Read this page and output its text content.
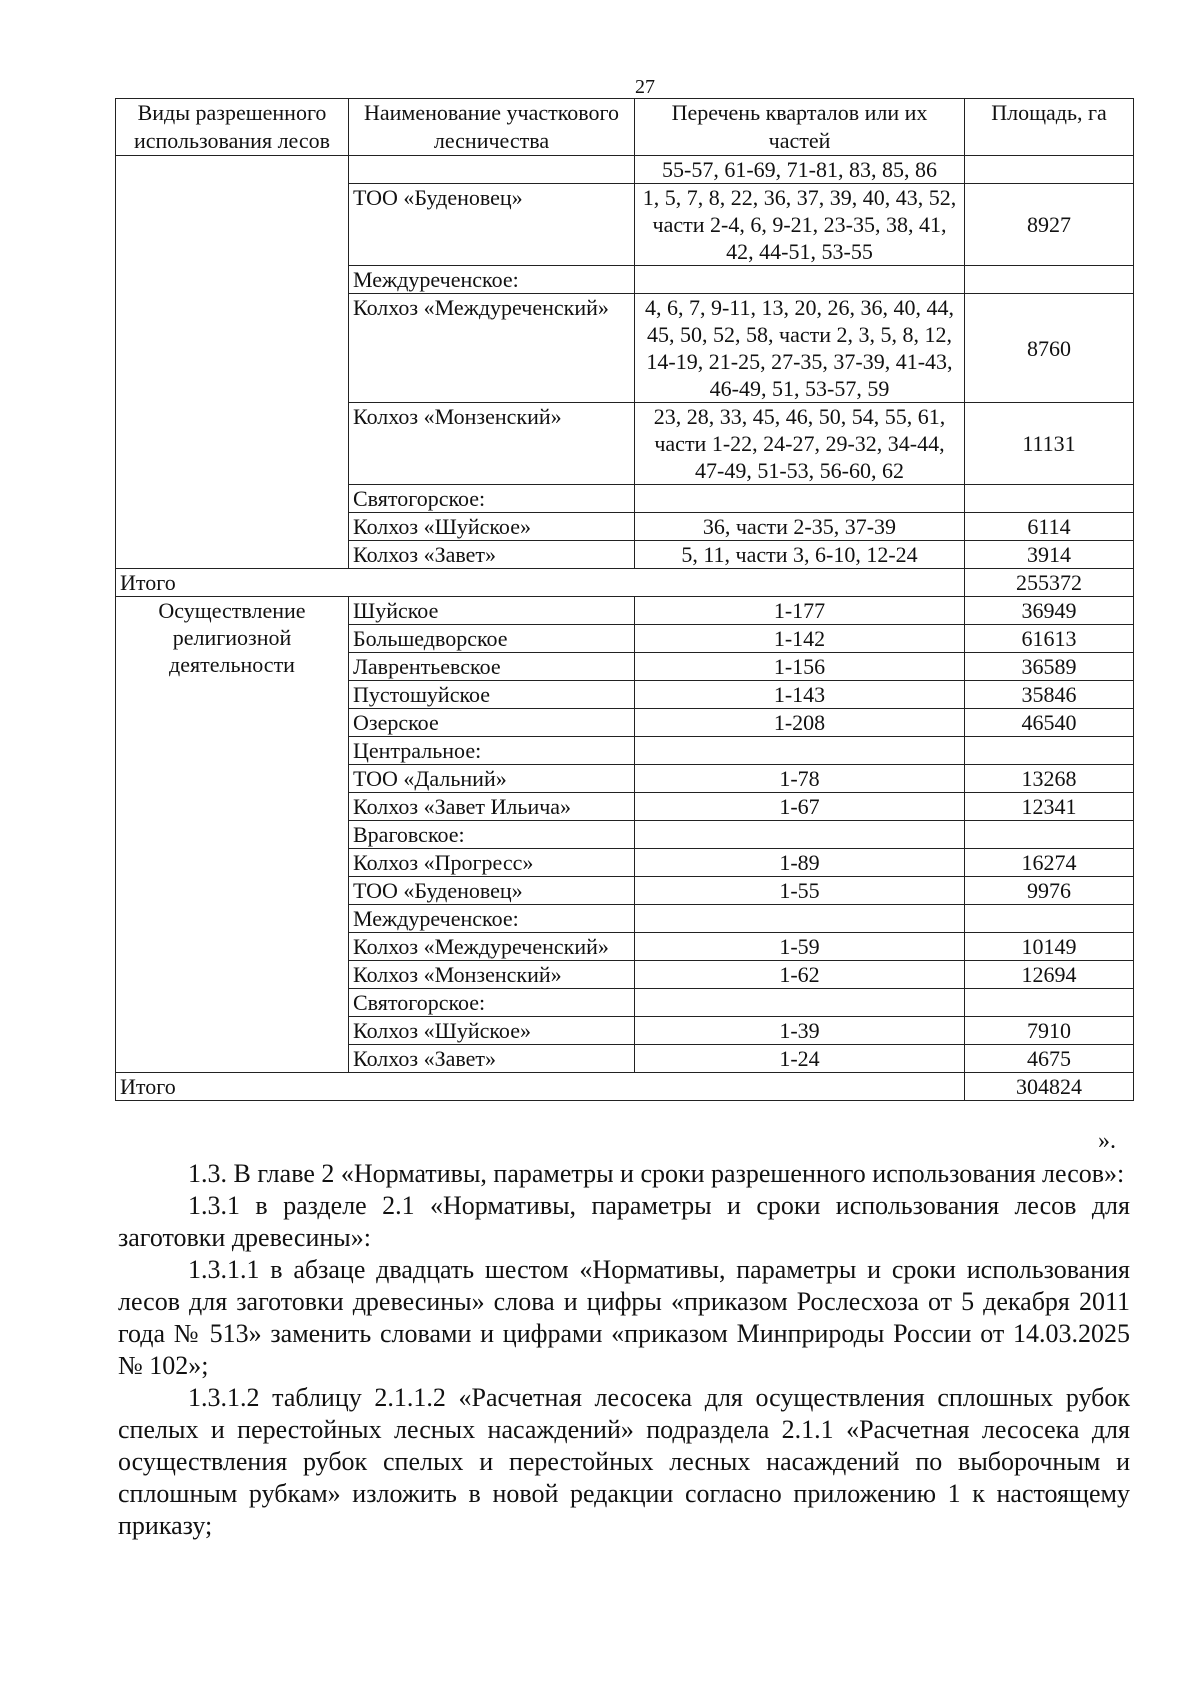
27
Виды разрешенного использования лесов	Наименование участкового лесничества	Перечень кварталов или их частей	Площадь, га
		55-57, 61-69, 71-81, 83, 85, 86	
	ТОО «Буденовец»	1, 5, 7, 8, 22, 36, 37, 39, 40, 43, 52, части 2-4, 6, 9-21, 23-35, 38, 41, 42, 44-51, 53-55	8927
	Междуреченское:		
	Колхоз «Междуреченский»	4, 6, 7, 9-11, 13, 20, 26, 36, 40, 44, 45, 50, 52, 58, части 2, 3, 5, 8, 12, 14-19, 21-25, 27-35, 37-39, 41-43, 46-49, 51, 53-57, 59	8760
	Колхоз «Монзенский»	23, 28, 33, 45, 46, 50, 54, 55, 61, части 1-22, 24-27, 29-32, 34-44, 47-49, 51-53, 56-60, 62	11131
	Святогорское:		
	Колхоз «Шуйское»	36, части 2-35, 37-39	6114
	Колхоз «Завет»	5, 11, части 3, 6-10, 12-24	3914
Итого			255372
Осуществление религиозной деятельности	Шуйское	1-177	36949
	Большедворское	1-142	61613
	Лаврентьевское	1-156	36589
	Пустошуйское	1-143	35846
	Озерское	1-208	46540
	Центральное:		
	ТОО «Дальний»	1-78	13268
	Колхоз «Завет Ильича»	1-67	12341
	Враговское:		
	Колхоз «Прогресс»	1-89	16274
	ТОО «Буденовец»	1-55	9976
	Междуреченское:		
	Колхоз «Междуреченский»	1-59	10149
	Колхоз «Монзенский»	1-62	12694
	Святогорское:		
	Колхоз «Шуйское»	1-39	7910
	Колхоз «Завет»	1-24	4675
Итого			304824
».

1.3. В главе 2 «Нормативы, параметры и сроки разрешенного использования лесов»:

1.3.1 в разделе 2.1 «Нормативы, параметры и сроки использования лесов для заготовки древесины»:

1.3.1.1 в абзаце двадцать шестом «Нормативы, параметры и сроки использования лесов для заготовки древесины» слова и цифры «приказом Рослесхоза от 5 декабря 2011 года № 513» заменить словами и цифрами «приказом Минприроды России от 14.03.2025 № 102»;

1.3.1.2 таблицу 2.1.1.2 «Расчетная лесосека для осуществления сплошных рубок спелых и перестойных лесных насаждений» подраздела 2.1.1 «Расчетная лесосека для осуществления рубок спелых и перестойных лесных насаждений по выборочным и сплошным рубкам» изложить в новой редакции согласно приложению 1 к настоящему приказу;
